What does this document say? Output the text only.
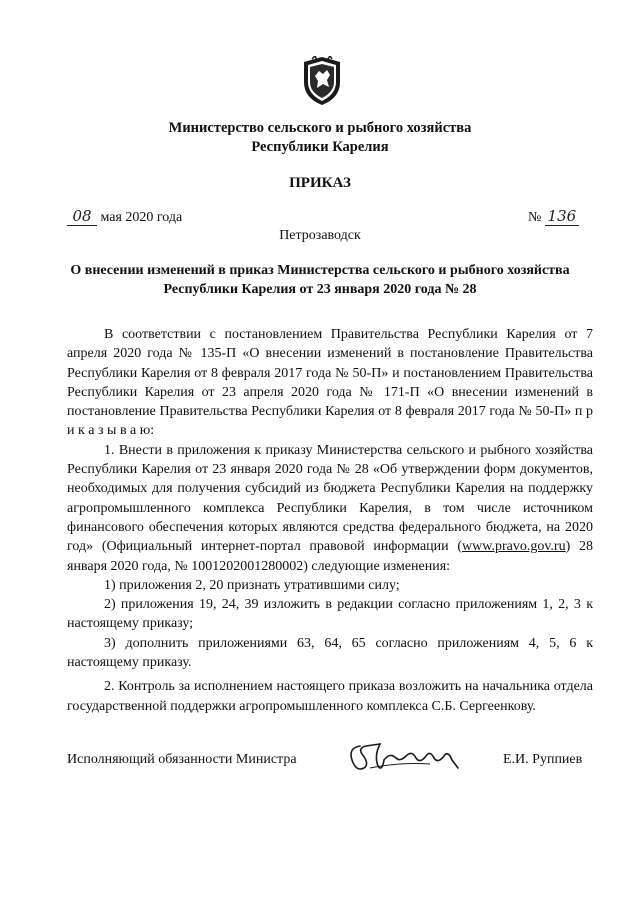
Министерство сельского и рыбного хозяйства
Республики Карелия
ПРИКАЗ
08 мая 2020 года	№ 136
Петрозаводск
О внесении изменений в приказ Министерства сельского и рыбного хозяйства
Республики Карелия от 23 января 2020 года № 28

В соответствии с постановлением Правительства Республики Карелия от 7 апреля 2020 года № 135-П «О внесении изменений в постановление Правительства Республики Карелия от 8 февраля 2017 года № 50-П» и постановлением Правительства Республики Карелия от 23 апреля 2020 года № 171-П «О внесении изменений в постановление Правительства Республики Карелия от 8 февраля 2017 года № 50-П» п р и к а з ы в а ю:

1. Внести в приложения к приказу Министерства сельского и рыбного хозяйства Республики Карелия от 23 января 2020 года № 28 «Об утверждении форм документов, необходимых для получения субсидий из бюджета Республики Карелия на поддержку агропромышленного комплекса Республики Карелия, в том числе источником финансового обеспечения которых являются средства федерального бюджета, на 2020 год» (Официальный интернет-портал правовой информации (www.pravo.gov.ru) 28 января 2020 года, № 1001202001280002) следующие изменения:

1) приложения 2, 20 признать утратившими силу;

2) приложения 19, 24, 39 изложить в редакции согласно приложениям 1, 2, 3 к настоящему приказу;

3) дополнить приложениями 63, 64, 65 согласно приложениям 4, 5, 6 к настоящему приказу.

2. Контроль за исполнением настоящего приказа возложить на начальника отдела государственной поддержки агропромышленного комплекса С.Б. Сергеенкову.

Исполняющий обязанности Министра	Е.И. Руппиев
